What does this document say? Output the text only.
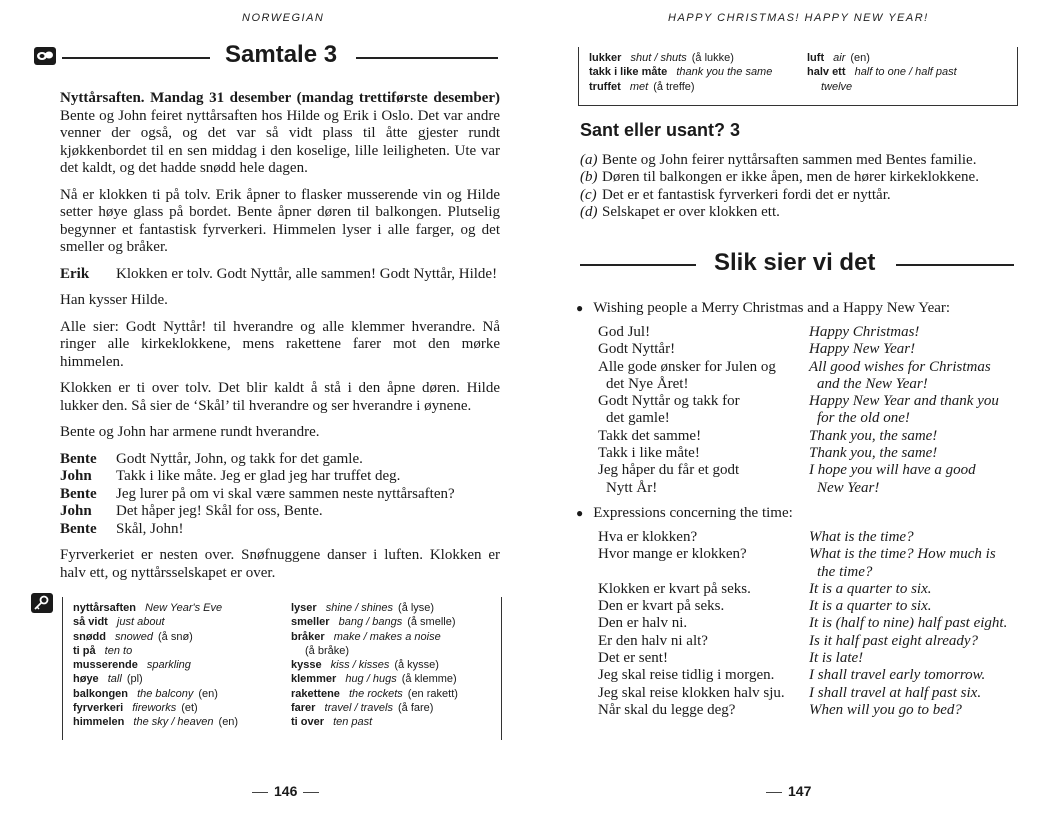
NORWEGIAN
Samtale 3

Nyttårsaften. Mandag 31 desember (mandag trettiførste desember) Bente og John feiret nyttårsaften hos Hilde og Erik i Oslo. Det var andre venner der også, og det var så vidt plass til åtte gjester rundt kjøkkenbordet til en sen middag i den koselige, lille leiligheten. Ute var det kaldt, og det hadde snødd hele dagen.

Nå er klokken ti på tolv. Erik åpner to flasker musserende vin og Hilde setter høye glass på bordet. Bente åpner døren til balkongen. Plutselig begynner et fantastisk fyrverkeri. Himmelen lyser i alle farger, og det smeller og bråker.

Erik	Klokken er tolv. Godt Nyttår, alle sammen! Godt Nyttår, Hilde!

Han kysser Hilde.

Alle sier: Godt Nyttår! til hverandre og alle klemmer hverandre. Nå ringer alle kirkeklokkene, mens rakettene farer mot den mørke himmelen.

Klokken er ti over tolv. Det blir kaldt å stå i den åpne døren. Hilde lukker den. Så sier de ‘Skål’ til hverandre og ser hverandre i øynene.

Bente og John har armene rundt hverandre.

Bente	Godt Nyttår, John, og takk for det gamle.
John	Takk i like måte. Jeg er glad jeg har truffet deg.
Bente	Jeg lurer på om vi skal være sammen neste nyttårsaften?
John	Det håper jeg! Skål for oss, Bente.
Bente	Skål, John!

Fyrverkeriet er nesten over. Snøfnuggene danser i luften. Klokken er halv ett, og nyttårsselskapet er over.

nyttårsaften New Year's Eve
så vidt just about
snødd snowed (å snø)
ti på ten to
musserende sparkling
høye tall (pl)
balkongen the balcony (en)
fyrverkeri fireworks (et)
himmelen the sky / heaven (en)
lyser shine / shines (å lyse)
smeller bang / bangs (å smelle)
bråker make / makes a noise
(å bråke)
kysse kiss / kisses (å kysse)
klemmer hug / hugs (å klemme)
rakettene the rockets (en rakett)
farer travel / travels (å fare)
ti over ten past
146
HAPPY CHRISTMAS! HAPPY NEW YEAR!
lukker shut / shuts (å lukke)
takk i like måte thank you the same
truffet met (å treffe)
luft air (en)
halv ett half to one / half past
twelve
Sant eller usant? 3
(a) Bente og John feirer nyttårsaften sammen med Bentes familie.
(b) Døren til balkongen er ikke åpen, men de hører kirkeklokkene.
(c) Det er et fantastisk fyrverkeri fordi det er nyttår.
(d) Selskapet er over klokken ett.
Slik sier vi det
● Wishing people a Merry Christmas and a Happy New Year:
God Jul!	Happy Christmas!
Godt Nyttår!	Happy New Year!
Alle gode ønsker for Julen og
det Nye Året!
All good wishes for Christmas
and the New Year!
Godt Nyttår og takk for
det gamle!
Happy New Year and thank you
for the old one!
Takk det samme!	Thank you, the same!
Takk i like måte!	Thank you, the same!
Jeg håper du får et godt
Nytt År!
I hope you will have a good
New Year!
● Expressions concerning the time:
Hva er klokken?	What is the time?
Hvor mange er klokken?
	What is the time? How much is
the time?
Klokken er kvart på seks.	It is a quarter to six.
Den er kvart på seks.	It is a quarter to six.
Den er halv ni.	It is (half to nine) half past eight.
Er den halv ni alt?	Is it half past eight already?
Det er sent!	It is late!
Jeg skal reise tidlig i morgen.	I shall travel early tomorrow.
Jeg skal reise klokken halv sju.	I shall travel at half past six.
Når skal du legge deg?	When will you go to bed?
147
